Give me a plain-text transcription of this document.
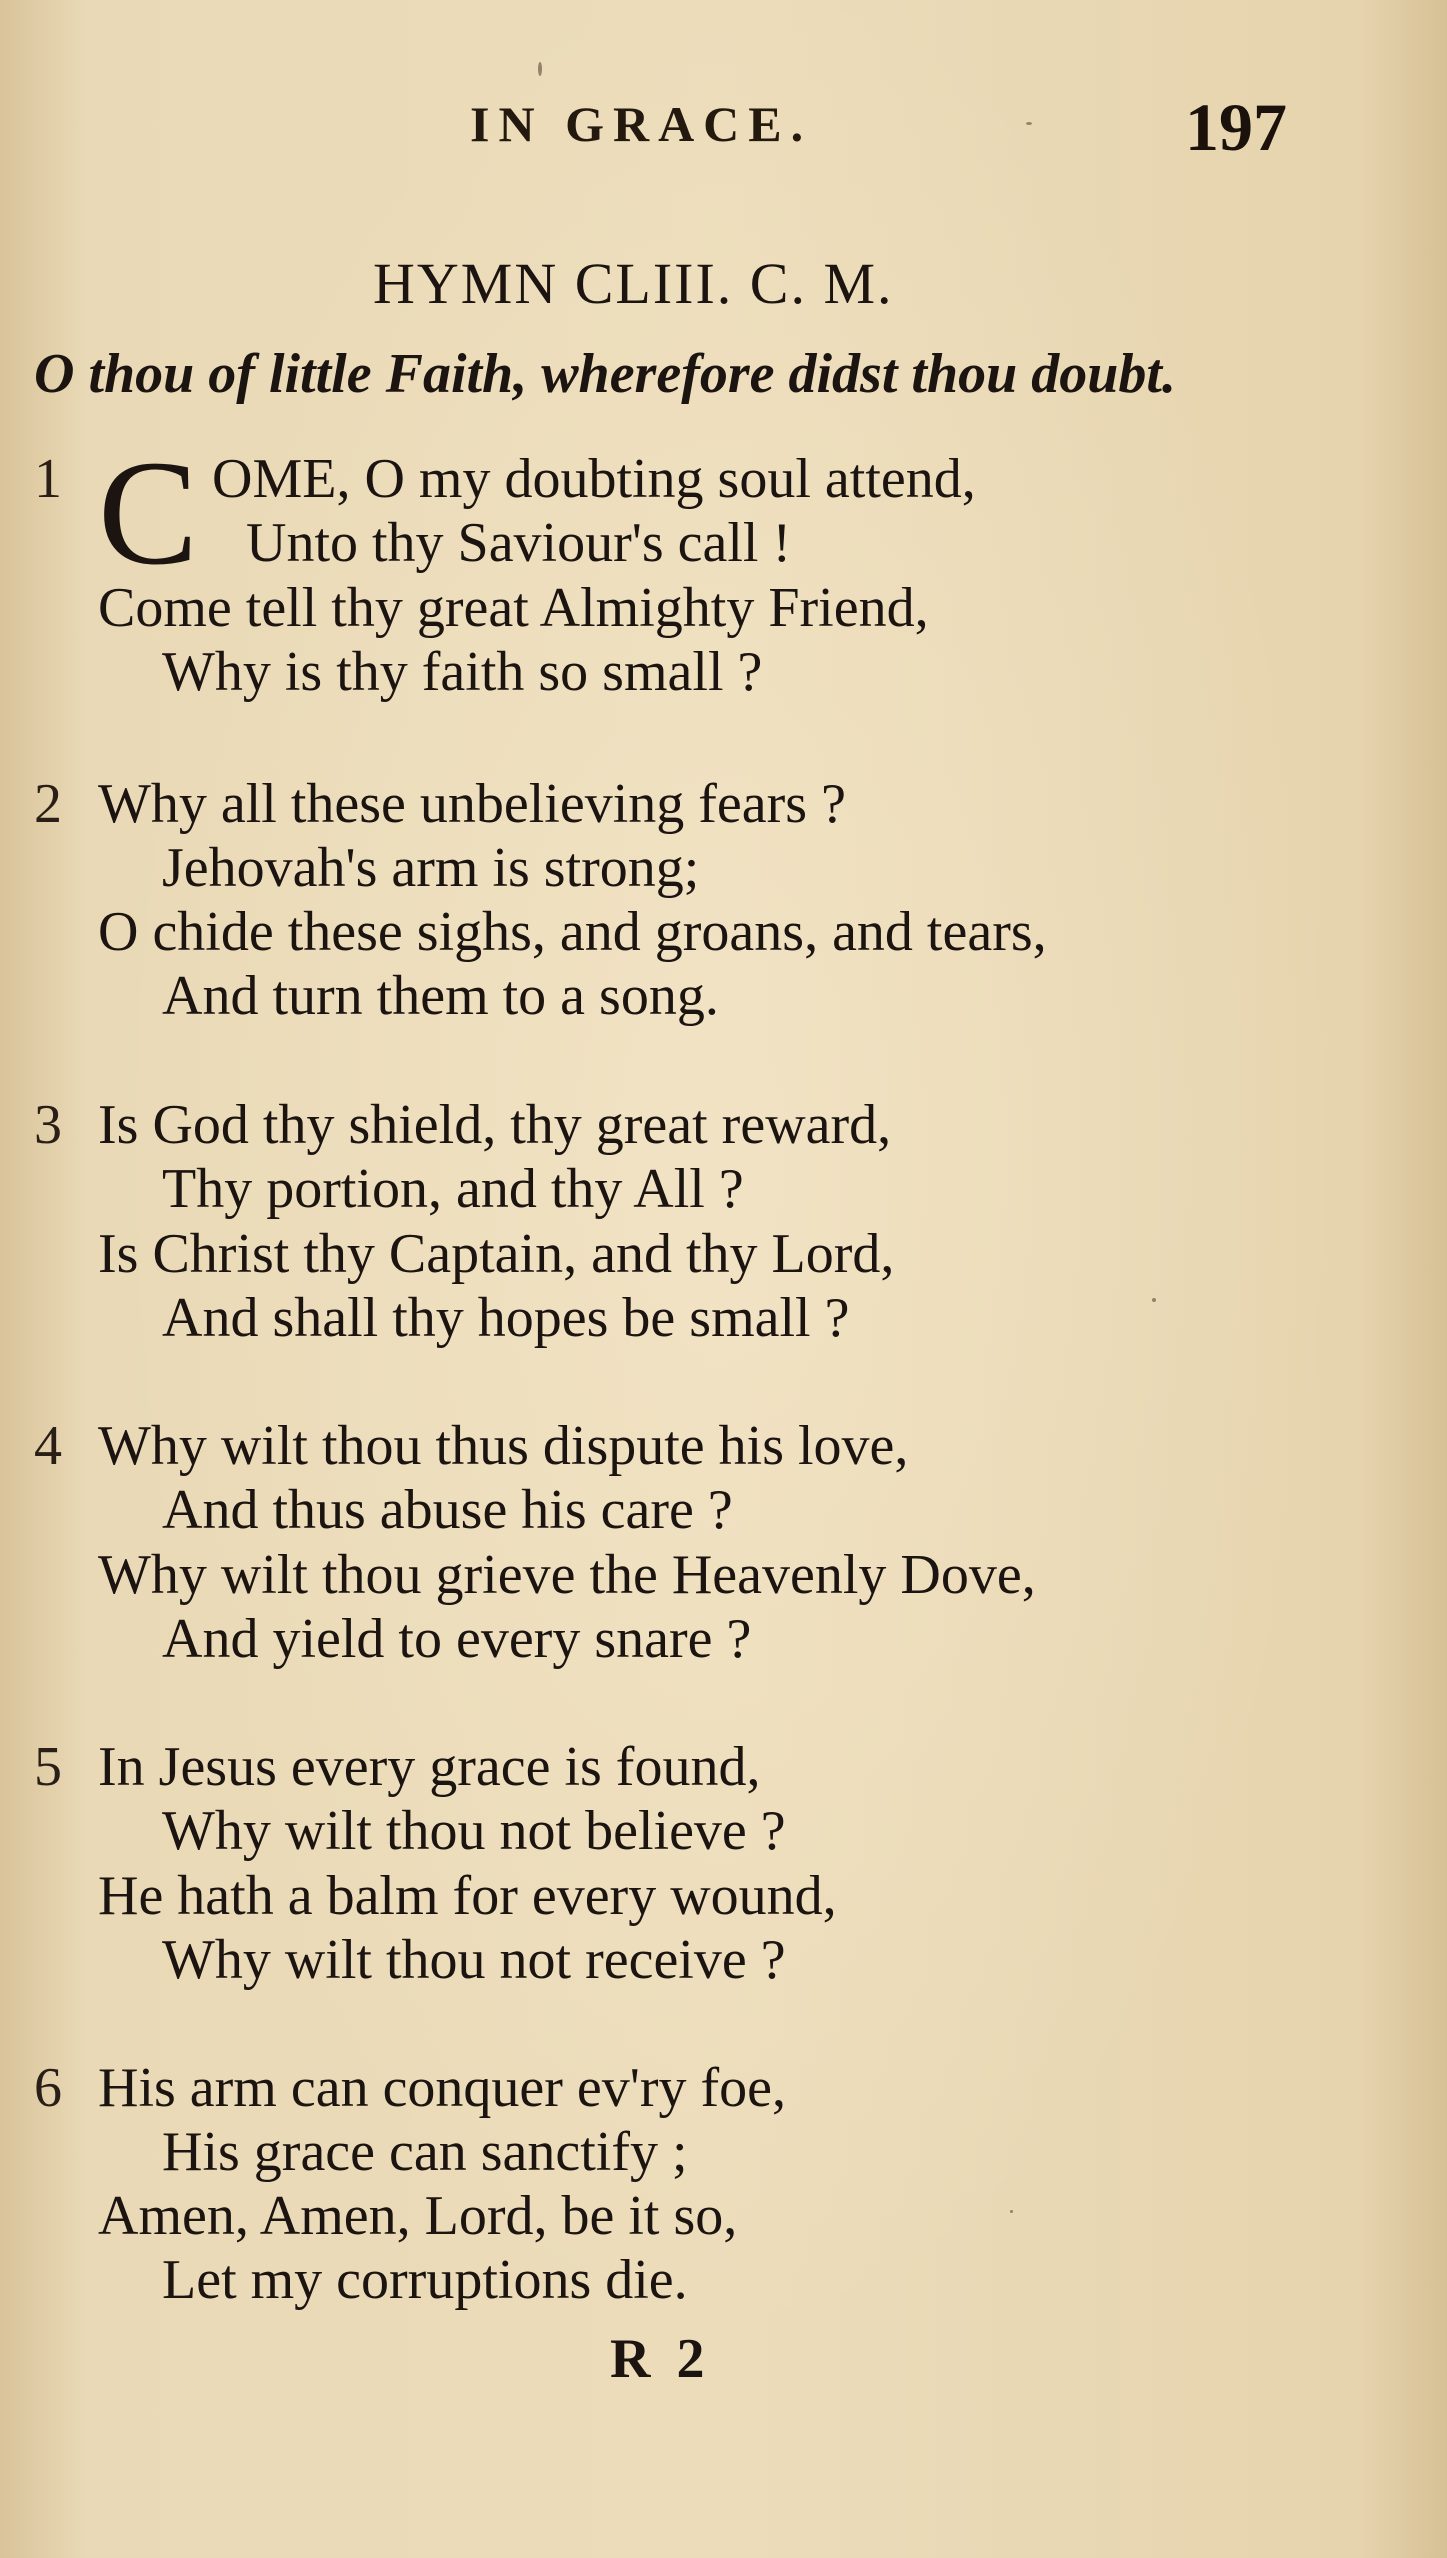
IN GRACE.	197
HYMN CLIII. C. M.
O thou of little Faith, wherefore didst thou doubt.
1 C OME, O my doubting soul attend,
Unto thy Saviour's call !
Come tell thy great Almighty Friend,
Why is thy faith so small ?
2 Why all these unbelieving fears ?
Jehovah's arm is strong;
O chide these sighs, and groans, and tears,
And turn them to a song.
3 Is God thy shield, thy great reward,
Thy portion, and thy All ?
Is Christ thy Captain, and thy Lord,
And shall thy hopes be small ?
4 Why wilt thou thus dispute his love,
And thus abuse his care ?
Why wilt thou grieve the Heavenly Dove,
And yield to every snare ?
5 In Jesus every grace is found,
Why wilt thou not believe ?
He hath a balm for every wound,
Why wilt thou not receive ?
6 His arm can conquer ev'ry foe,
His grace can sanctify ;
Amen, Amen, Lord, be it so,
Let my corruptions die.
R 2
